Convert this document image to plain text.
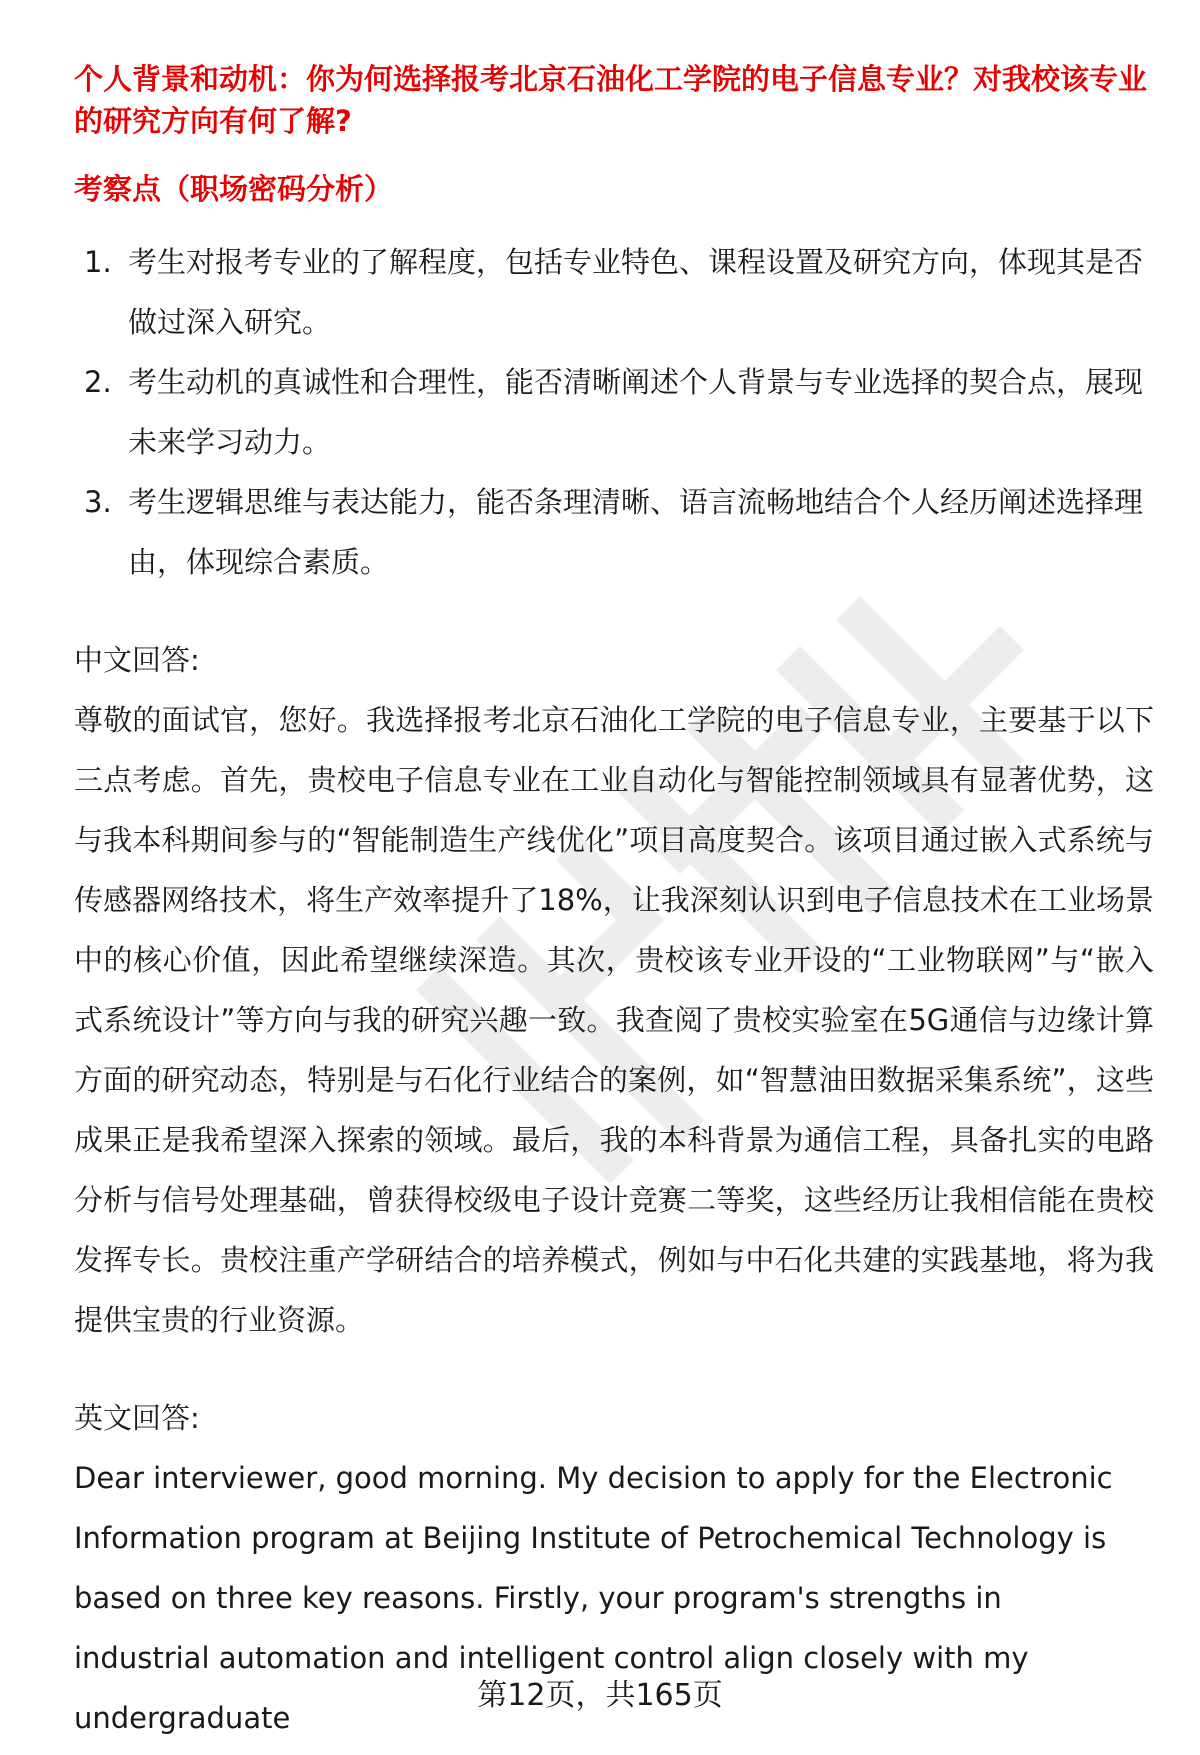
个人背景和动机：你为何选择报考北京石油化工学院的电子信息专业？对我校该专业的研究方向有何了解?

考察点（职场密码分析）

1. 考生对报考专业的了解程度，包括专业特色、课程设置及研究方向，体现其是否做过深入研究。
2. 考生动机的真诚性和合理性，能否清晰阐述个人背景与专业选择的契合点，展现未来学习动力。
3. 考生逻辑思维与表达能力，能否条理清晰、语言流畅地结合个人经历阐述选择理由，体现综合素质。

中文回答:

尊敬的面试官，您好。我选择报考北京石油化工学院的电子信息专业，主要基于以下三点考虑。首先，贵校电子信息专业在工业自动化与智能控制领域具有显著优势，这与我本科期间参与的“智能制造生产线优化”项目高度契合。该项目通过嵌入式系统与传感器网络技术，将生产效率提升了18%，让我深刻认识到电子信息技术在工业场景中的核心价值，因此希望继续深造。其次，贵校该专业开设的“工业物联网”与“嵌入式系统设计”等方向与我的研究兴趣一致。我查阅了贵校实验室在5G通信与边缘计算方面的研究动态，特别是与石化行业结合的案例，如“智慧油田数据采集系统”，这些成果正是我希望深入探索的领域。最后，我的本科背景为通信工程，具备扎实的电路分析与信号处理基础，曾获得校级电子设计竞赛二等奖，这些经历让我相信能在贵校发挥专长。贵校注重产学研结合的培养模式，例如与中石化共建的实践基地，将为我提供宝贵的行业资源。

英文回答:

Dear interviewer, good morning. My decision to apply for the Electronic Information program at Beijing Institute of Petrochemical Technology is based on three key reasons. Firstly, your program's strengths in industrial automation and intelligent control align closely with my undergraduate

第12页，共165页
